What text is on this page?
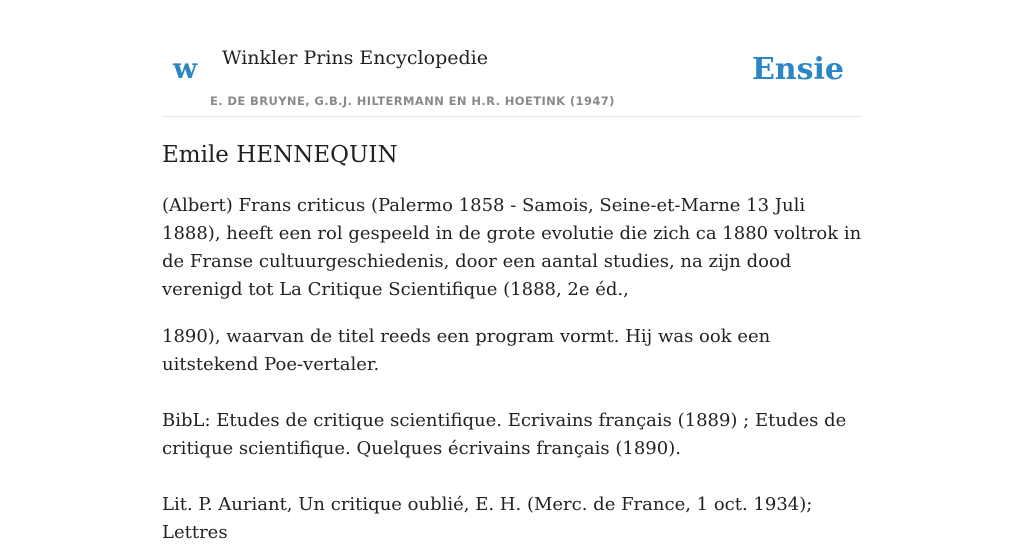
w Winkler Prins Encyclopedie
E. DE BRUYNE, G.B.J. HILTERMANN EN H.R. HOETINK (1947)
Ensie
Emile HENNEQUIN

(Albert) Frans criticus (Palermo 1858 - Samois, Seine-et-Marne 13 Juli 1888), heeft een rol gespeeld in de grote evolutie die zich ca 1880 voltrok in de Franse cultuurgeschiedenis, door een aantal studies, na zijn dood verenigd tot La Critique Scientifique (1888, 2e éd.,

1890), waarvan de titel reeds een program vormt. Hij was ook een uitstekend Poe-vertaler.

BibL: Etudes de critique scientifique. Ecrivains français (1889) ; Etudes de critique scientifique. Quelques écrivains français (1890).

Lit. P. Auriant, Un critique oublié, E. H. (Merc. de France, 1 oct. 1934); Lettres
